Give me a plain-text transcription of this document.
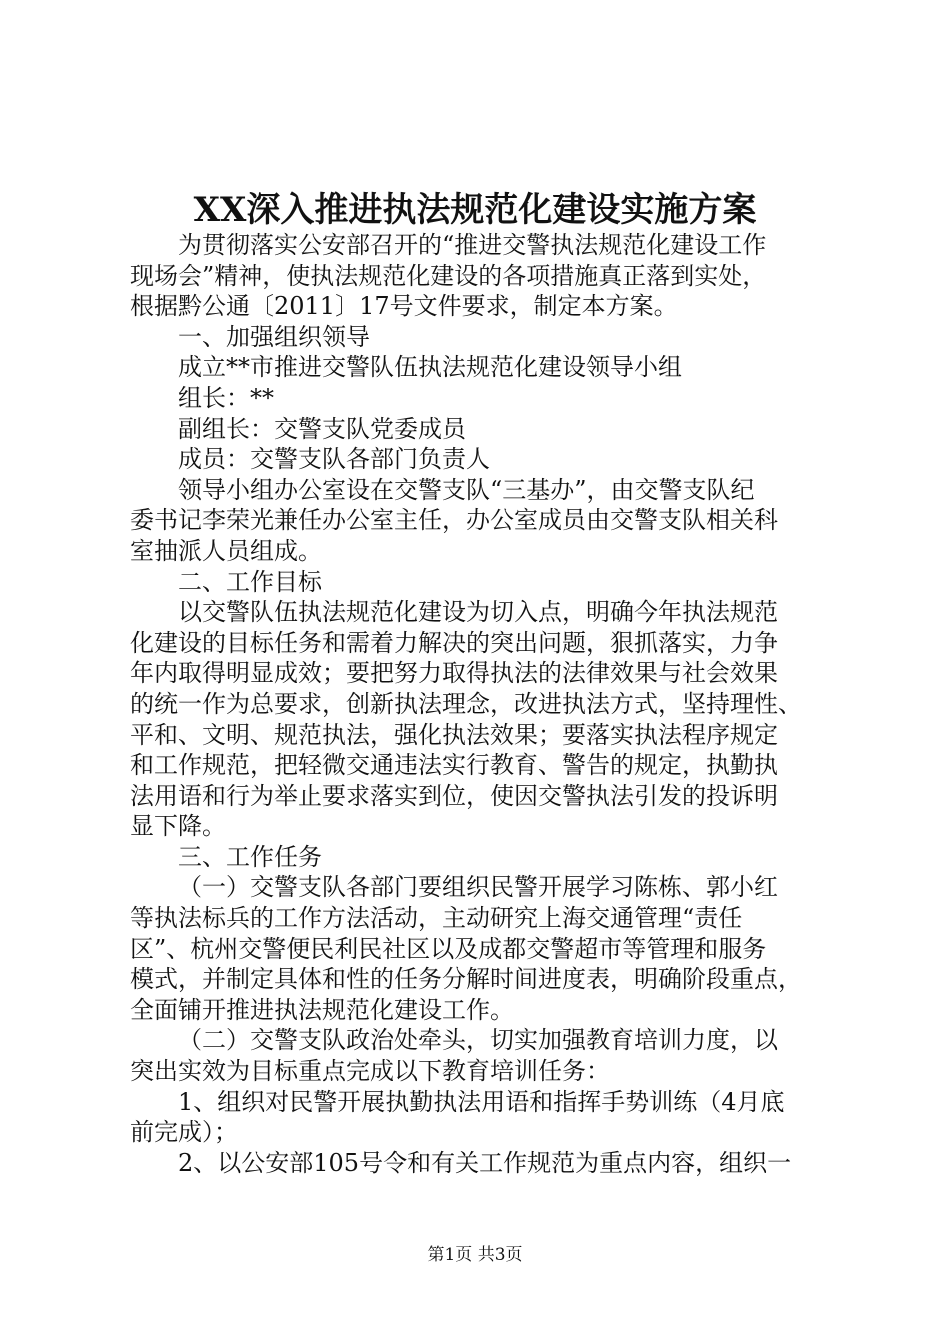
XX深入推进执法规范化建设实施方案
为贯彻落实公安部召开的“推进交警执法规范化建设工作
现场会”精神，使执法规范化建设的各项措施真正落到实处，
根据黔公通〔2011〕17号文件要求，制定本方案。
一、加强组织领导
成立**市推进交警队伍执法规范化建设领导小组
组长：**
副组长：交警支队党委成员
成员：交警支队各部门负责人
领导小组办公室设在交警支队“三基办”，由交警支队纪
委书记李荣光兼任办公室主任，办公室成员由交警支队相关科
室抽派人员组成。
二、工作目标
以交警队伍执法规范化建设为切入点，明确今年执法规范
化建设的目标任务和需着力解决的突出问题，狠抓落实，力争
年内取得明显成效；要把努力取得执法的法律效果与社会效果
的统一作为总要求，创新执法理念，改进执法方式，坚持理性、
平和、文明、规范执法，强化执法效果；要落实执法程序规定
和工作规范，把轻微交通违法实行教育、警告的规定，执勤执
法用语和行为举止要求落实到位，使因交警执法引发的投诉明
显下降。
三、工作任务
（一）交警支队各部门要组织民警开展学习陈栋、郭小红
等执法标兵的工作方法活动，主动研究上海交通管理“责任
区”、杭州交警便民利民社区以及成都交警超市等管理和服务
模式，并制定具体和性的任务分解时间进度表，明确阶段重点，
全面铺开推进执法规范化建设工作。
（二）交警支队政治处牵头，切实加强教育培训力度，以
突出实效为目标重点完成以下教育培训任务：
1、组织对民警开展执勤执法用语和指挥手势训练（4月底
前完成）；
2、以公安部105号令和有关工作规范为重点内容，组织一
第1页 共3页
